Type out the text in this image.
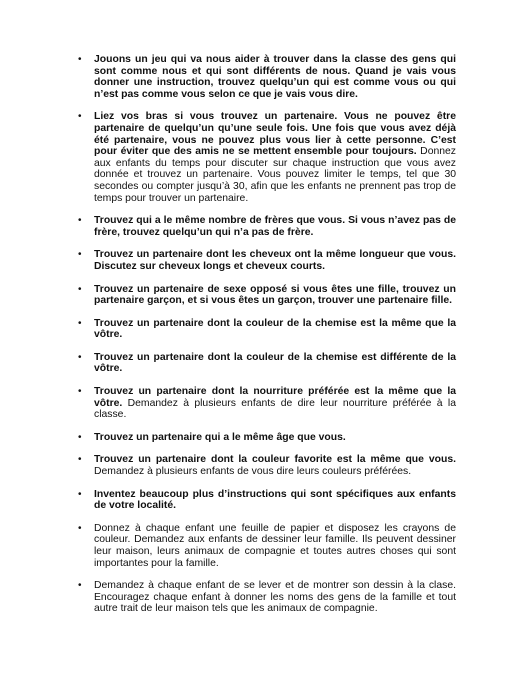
• Jouons un jeu qui va nous aider à trouver dans la classe des gens qui sont comme nous et qui sont différents de nous. Quand je vais vous donner une instruction, trouvez quelqu’un qui est comme vous ou qui n’est pas comme vous selon ce que je vais vous dire.
• Liez vos bras si vous trouvez un partenaire. Vous ne pouvez être partenaire de quelqu’un qu’une seule fois. Une fois que vous avez déjà été partenaire, vous ne pouvez plus vous lier à cette personne. C’est pour éviter que des amis ne se mettent ensemble pour toujours. Donnez aux enfants du temps pour discuter sur chaque instruction que vous avez donnée et trouvez un partenaire. Vous pouvez limiter le temps, tel que 30 secondes ou compter jusqu’à 30, afin que les enfants ne prennent pas trop de temps pour trouver un partenaire.
• Trouvez qui a le même nombre de frères que vous. Si vous n’avez pas de frère, trouvez quelqu’un qui n’a pas de frère.
• Trouvez un partenaire dont les cheveux ont la même longueur que vous. Discutez sur cheveux longs et cheveux courts.
• Trouvez un partenaire de sexe opposé si vous êtes une fille, trouvez un partenaire garçon, et si vous êtes un garçon, trouver une partenaire fille.
• Trouvez un partenaire dont la couleur de la chemise est la même que la vôtre.
• Trouvez un partenaire dont la couleur de la chemise est différente de la vôtre.
• Trouvez un partenaire dont la nourriture préférée est la même que la vôtre. Demandez à plusieurs enfants de dire leur nourriture préférée à la classe.
• Trouvez un partenaire qui a le même âge que vous.
• Trouvez un partenaire dont la couleur favorite est la même que vous. Demandez à plusieurs enfants de vous dire leurs couleurs préférées.
• Inventez beaucoup plus d’instructions qui sont spécifiques aux enfants de votre localité.
• Donnez à chaque enfant une feuille de papier et disposez les crayons de couleur. Demandez aux enfants de dessiner leur famille. Ils peuvent dessiner leur maison, leurs animaux de compagnie et toutes autres choses qui sont importantes pour la famille.
• Demandez à chaque enfant de se lever et de montrer son dessin à la clase. Encouragez chaque enfant à donner les noms des gens de la famille et tout autre trait de leur maison tels que les animaux de compagnie.
